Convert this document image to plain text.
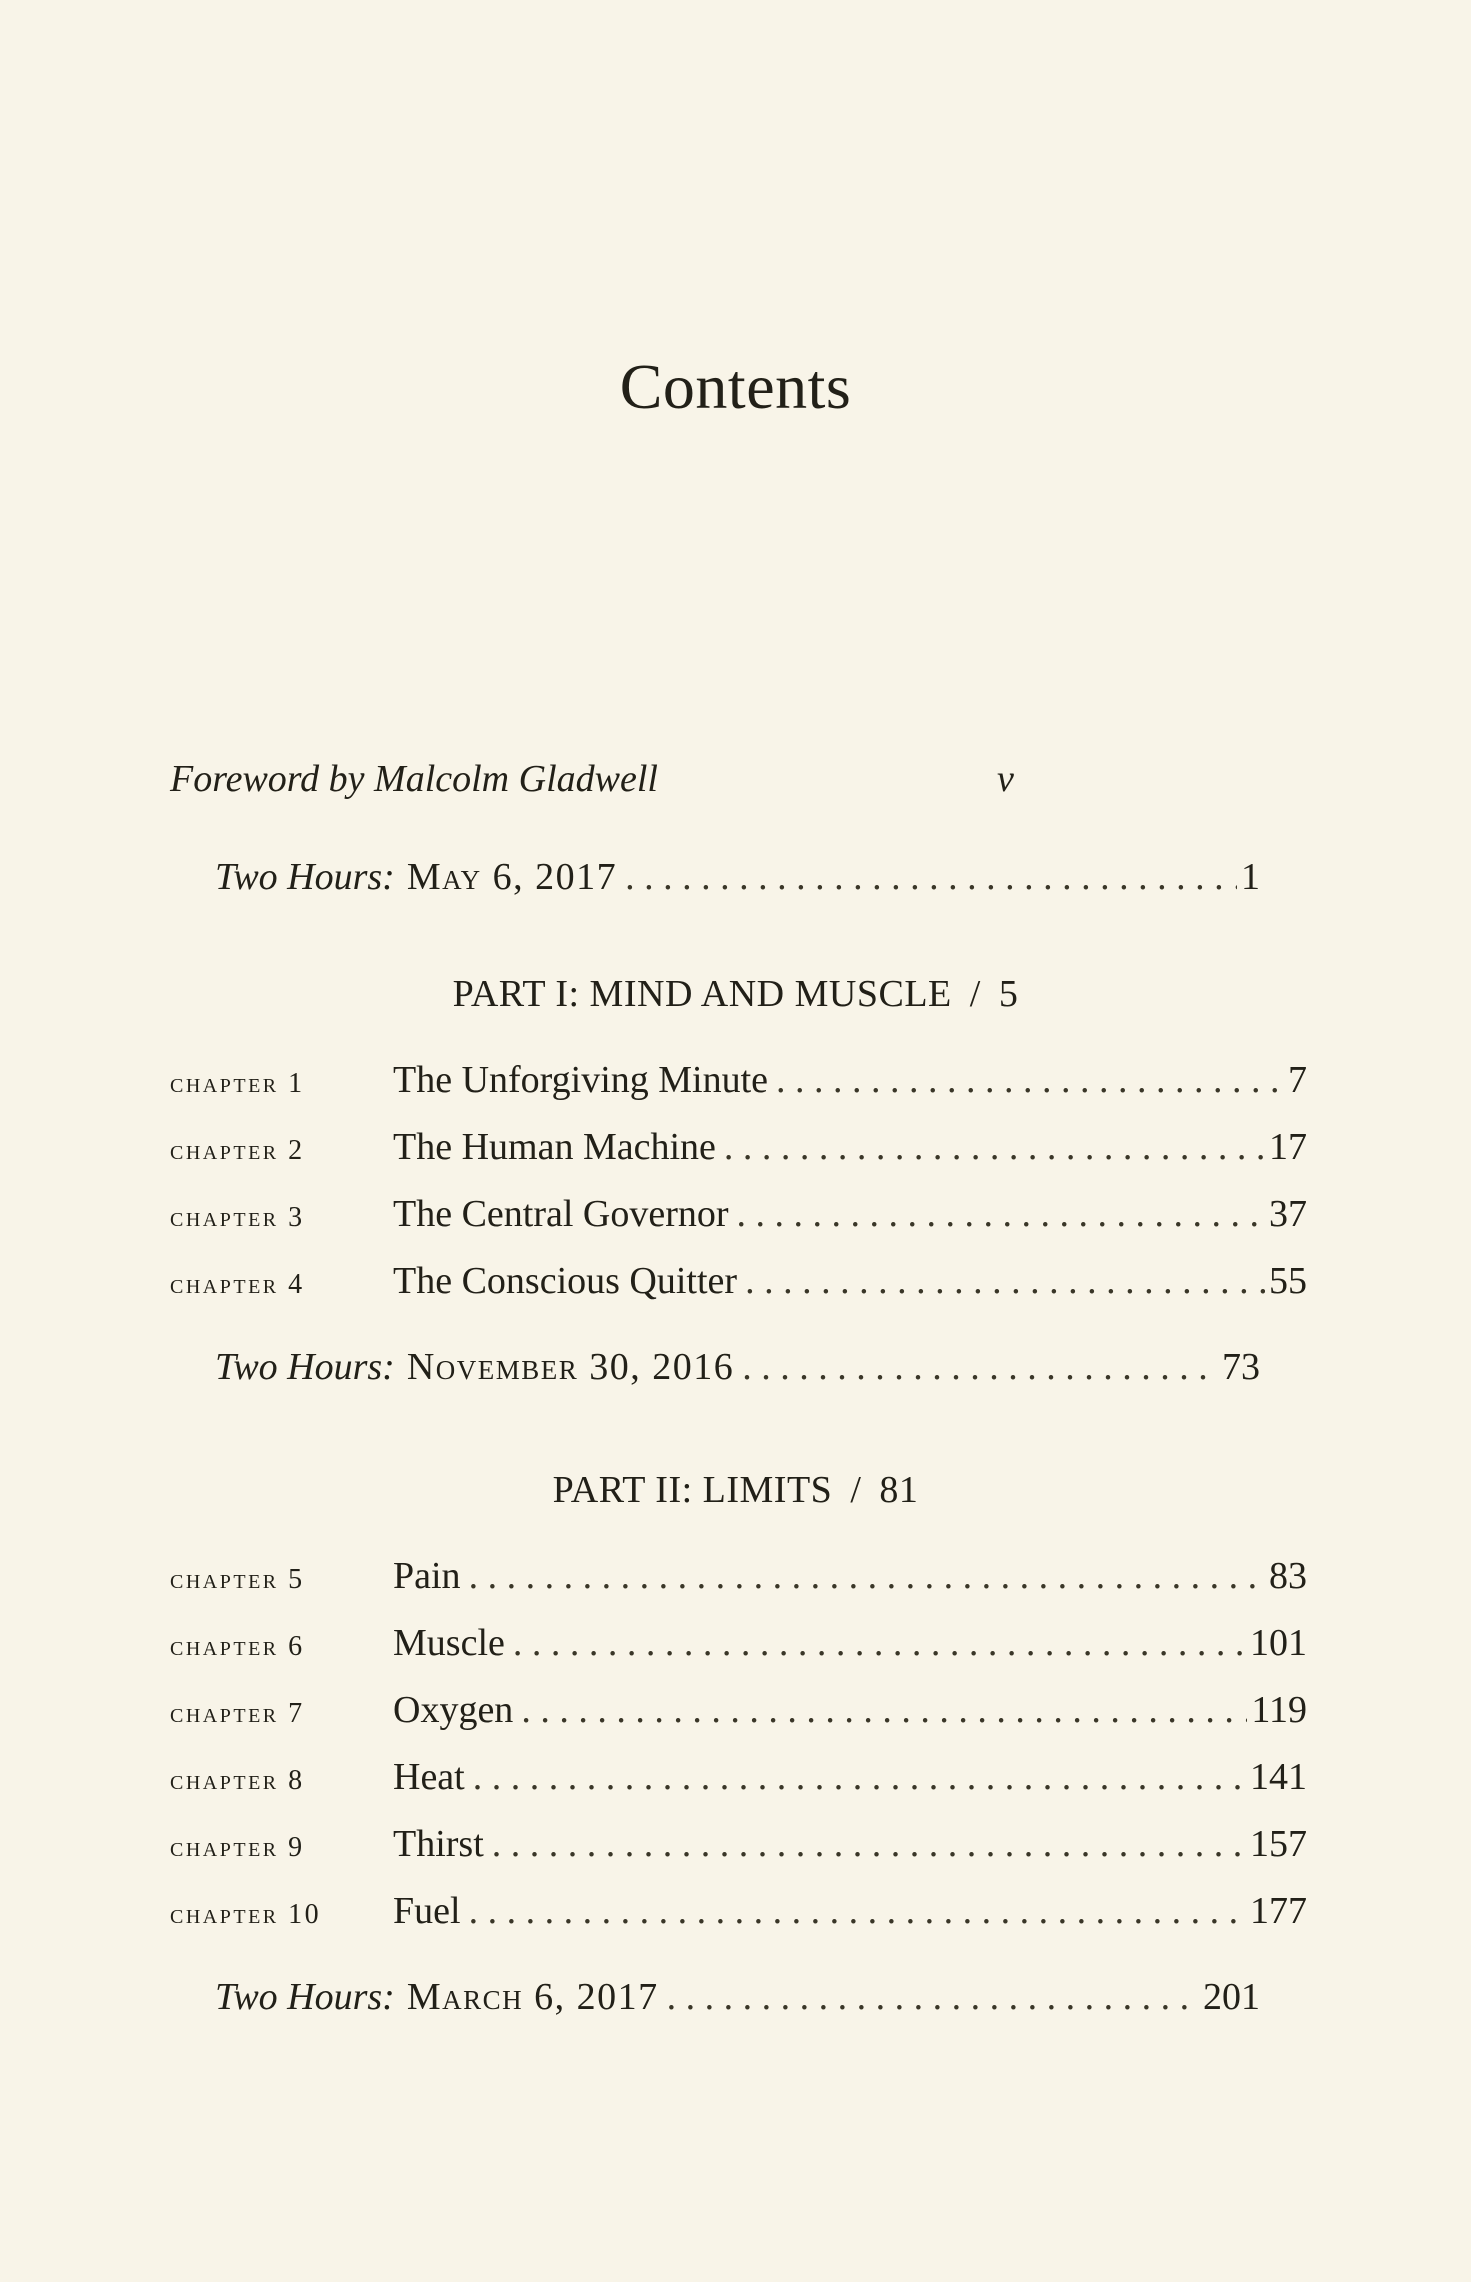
Contents
Foreword by Malcolm Gladwell	v
Two Hours: May 6, 2017 . . .	1
PART I: MIND AND MUSCLE / 5
chapter 1	The Unforgiving Minute . . .	7
chapter 2	The Human Machine . . .	17
chapter 3	The Central Governor . . .	37
chapter 4	The Conscious Quitter . . .	55
Two Hours: November 30, 2016 . . .	73
PART II: LIMITS / 81
chapter 5	Pain . . .	83
chapter 6	Muscle . . .	101
chapter 7	Oxygen . . .	119
chapter 8	Heat . . .	141
chapter 9	Thirst . . .	157
chapter 10	Fuel . . .	177
Two Hours: March 6, 2017 . . .	201
